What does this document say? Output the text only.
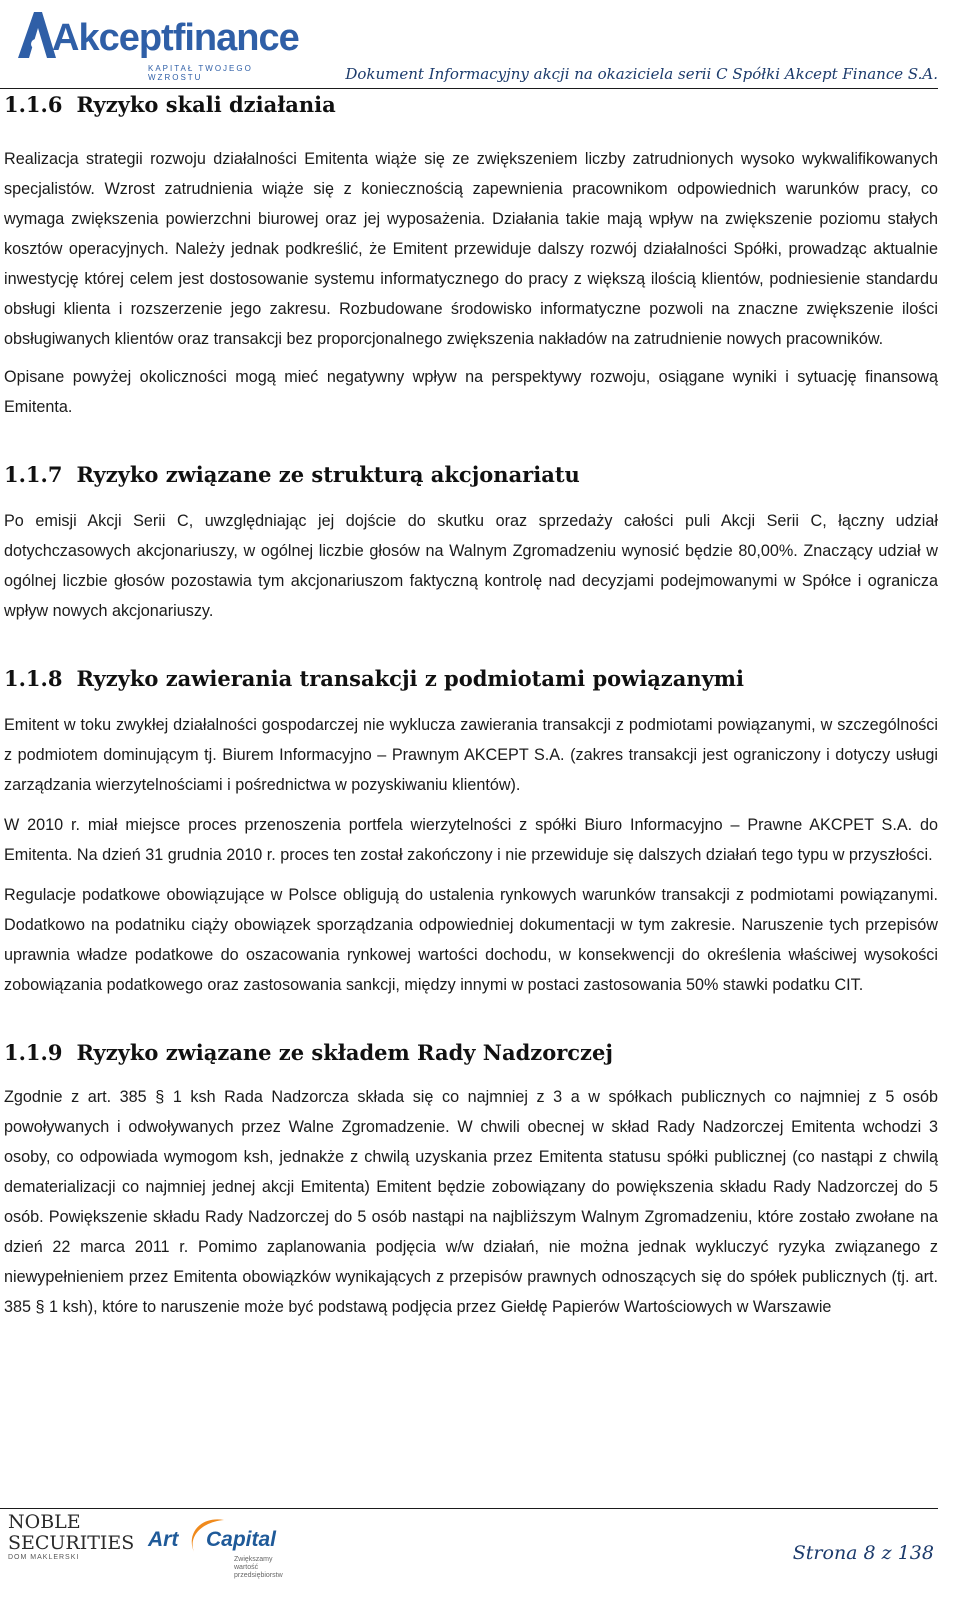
Akceptfinance
KAPITAŁ TWOJEGO WZROSTU	Dokument Informacyjny akcji na okaziciela serii C Spółki Akcept Finance S.A.
1.1.6 Ryzyko skali działania

Realizacja strategii rozwoju działalności Emitenta wiąże się ze zwiększeniem liczby zatrudnionych wysoko wykwalifikowanych specjalistów. Wzrost zatrudnienia wiąże się z koniecznością zapewnienia pracownikom odpowiednich warunków pracy, co wymaga zwiększenia powierzchni biurowej oraz jej wyposażenia. Działania takie mają wpływ na zwiększenie poziomu stałych kosztów operacyjnych. Należy jednak podkreślić, że Emitent przewiduje dalszy rozwój działalności Spółki, prowadząc aktualnie inwestycję której celem jest dostosowanie systemu informatycznego do pracy z większą ilością klientów, podniesienie standardu obsługi klienta i rozszerzenie jego zakresu. Rozbudowane środowisko informatyczne pozwoli na znaczne zwiększenie ilości obsługiwanych klientów oraz transakcji bez proporcjonalnego zwiększenia nakładów na zatrudnienie nowych pracowników.

Opisane powyżej okoliczności mogą mieć negatywny wpływ na perspektywy rozwoju, osiągane wyniki i sytuację finansową Emitenta.

1.1.7 Ryzyko związane ze strukturą akcjonariatu

Po emisji Akcji Serii C, uwzględniając jej dojście do skutku oraz sprzedaży całości puli Akcji Serii C, łączny udział dotychczasowych akcjonariuszy, w ogólnej liczbie głosów na Walnym Zgromadzeniu wynosić będzie 80,00%. Znaczący udział w ogólnej liczbie głosów pozostawia tym akcjonariuszom faktyczną kontrolę nad decyzjami podejmowanymi w Spółce i ogranicza wpływ nowych akcjonariuszy.

1.1.8 Ryzyko zawierania transakcji z podmiotami powiązanymi

Emitent w toku zwykłej działalności gospodarczej nie wyklucza zawierania transakcji z podmiotami powiązanymi, w szczególności z podmiotem dominującym tj. Biurem Informacyjno – Prawnym AKCEPT S.A. (zakres transakcji jest ograniczony i dotyczy usługi zarządzania wierzytelnościami i pośrednictwa w pozyskiwaniu klientów).

W 2010 r. miał miejsce proces przenoszenia portfela wierzytelności z spółki Biuro Informacyjno – Prawne AKCPET S.A. do Emitenta. Na dzień 31 grudnia 2010 r. proces ten został zakończony i nie przewiduje się dalszych działań tego typu w przyszłości.

Regulacje podatkowe obowiązujące w Polsce obligują do ustalenia rynkowych warunków transakcji z podmiotami powiązanymi. Dodatkowo na podatniku ciąży obowiązek sporządzania odpowiedniej dokumentacji w tym zakresie. Naruszenie tych przepisów uprawnia władze podatkowe do oszacowania rynkowej wartości dochodu, w konsekwencji do określenia właściwej wysokości zobowiązania podatkowego oraz zastosowania sankcji, między innymi w postaci zastosowania 50% stawki podatku CIT.

1.1.9 Ryzyko związane ze składem Rady Nadzorczej

Zgodnie z art. 385 § 1 ksh Rada Nadzorcza składa się co najmniej z 3 a w spółkach publicznych co najmniej z 5 osób powoływanych i odwoływanych przez Walne Zgromadzenie. W chwili obecnej w skład Rady Nadzorczej Emitenta wchodzi 3 osoby, co odpowiada wymogom ksh, jednakże z chwilą uzyskania przez Emitenta statusu spółki publicznej (co nastąpi z chwilą dematerializacji co najmniej jednej akcji Emitenta) Emitent będzie zobowiązany do powiększenia składu Rady Nadzorczej do 5 osób. Powiększenie składu Rady Nadzorczej do 5 osób nastąpi na najbliższym Walnym Zgromadzeniu, które zostało zwołane na dzień 22 marca 2011 r. Pomimo zaplanowania podjęcia w/w działań, nie można jednak wykluczyć ryzyka związanego z niewypełnieniem przez Emitenta obowiązków wynikających z przepisów prawnych odnoszących się do spółek publicznych (tj. art. 385 § 1 ksh), które to naruszenie może być podstawą podjęcia przez Giełdę Papierów Wartościowych w Warszawie

NOBLE
SECURITIES
DOM MAKLERSKI
Art Capital
Zwiększamy wartość przedsiębiorstw
Strona 8 z 138
